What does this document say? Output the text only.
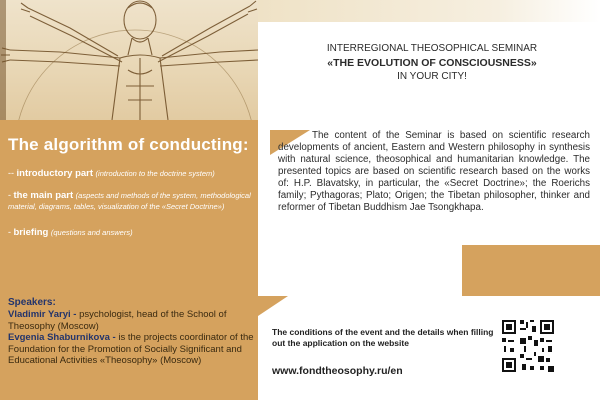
The algorithm of conducting:
-- introductory part (introduction to the doctrine system)
- the main part (aspects and methods of the system, methodological material, diagrams, tables, visualization of the «Secret Doctrine»)
- briefing (questions and answers)
Speakers:
Vladimir Yaryi - psychologist, head of the School of Theosophy (Moscow)
Evgenia Shaburnikova - is the projects coordinator of the Foundation for the Promotion of Socially Significant and Educational Activities «Theosophy» (Moscow)
INTERREGIONAL THEOSOPHICAL SEMINAR
«THE EVOLUTION OF CONSCIOUSNESS»
IN YOUR CITY!
The content of the Seminar is based on scientific research developments of ancient, Eastern and Western philosophy in synthesis with natural science, theosophical and humanitarian knowledge. The presented topics are based on scientific research based on the works of: H.P. Blavatsky, in particular, the «Secret Doctrine»; the Roerichs family; Pythagoras; Plato; Origen; the Tibetan philosopher, thinker and reformer of Tibetan Buddhism Jae Tsongkhapa.
The conditions of the event and the details when filling out the application on the website
www.fondtheosophy.ru/en
